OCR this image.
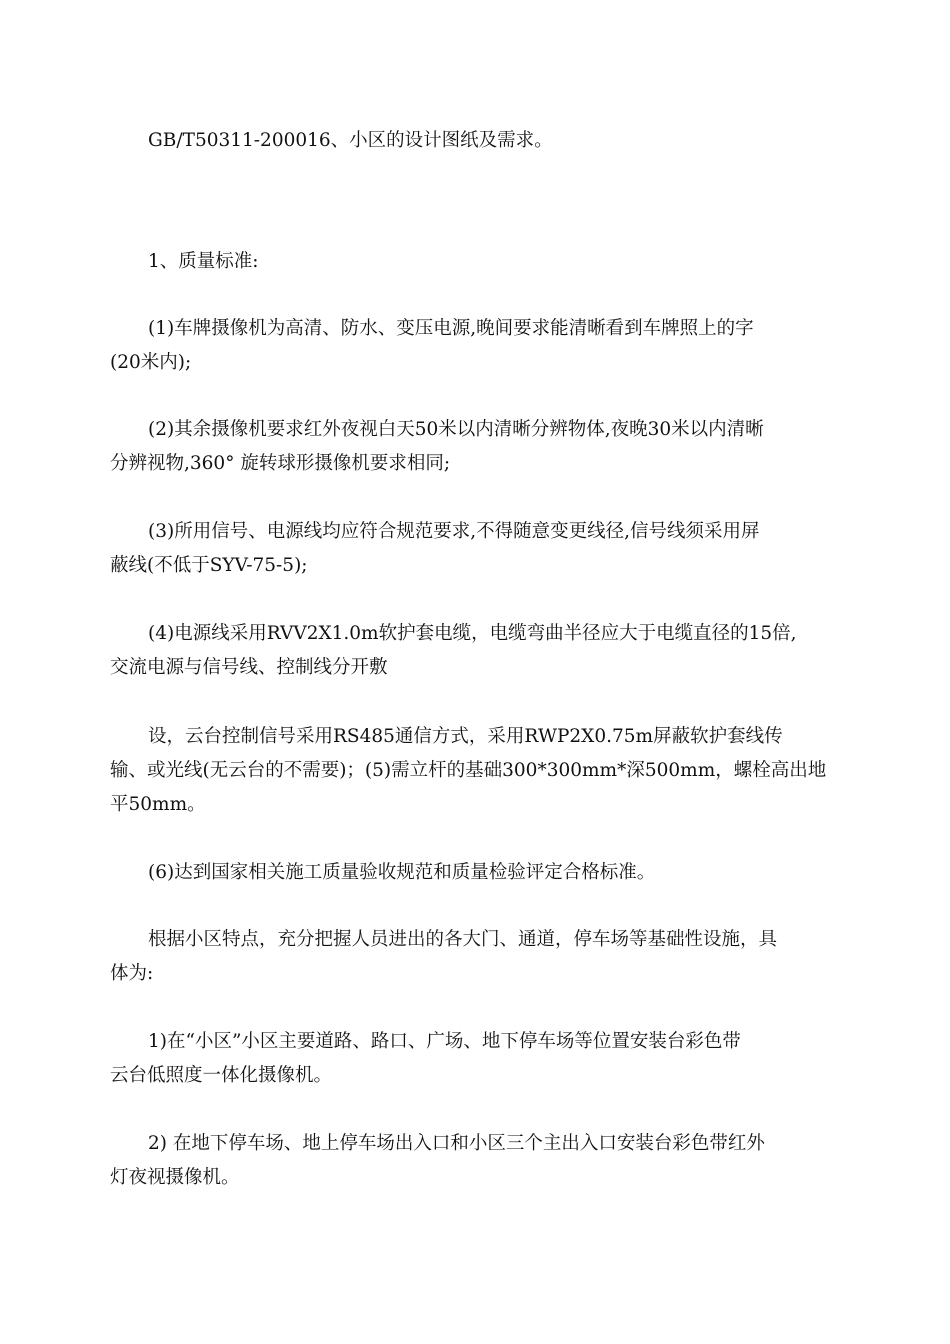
GB/T50311-200016、小区的设计图纸及需求。

1、质量标准:

(1)车牌摄像机为高清、防水、变压电源,晚间要求能清晰看到车牌照上的字
(20米内);

(2)其余摄像机要求红外夜视白天50米以内清晰分辨物体,夜晚30米以内清晰
分辨视物,360° 旋转球形摄像机要求相同;

(3)所用信号、电源线均应符合规范要求,不得随意变更线径,信号线须采用屏
蔽线(不低于SYV-75-5);

(4)电源线采用RVV2X1.0m软护套电缆，电缆弯曲半径应大于电缆直径的15倍,
交流电源与信号线、控制线分开敷

设，云台控制信号采用RS485通信方式，采用RWP2X0.75m屏蔽软护套线传
输、或光线(无云台的不需要)；(5)需立杆的基础300*300mm*深500mm，螺栓高出地
平50mm。

(6)达到国家相关施工质量验收规范和质量检验评定合格标准。

根据小区特点，充分把握人员进出的各大门、通道，停车场等基础性设施，具
体为:

1)在“小区”小区主要道路、路口、广场、地下停车场等位置安装台彩色带
云台低照度一体化摄像机。

2) 在地下停车场、地上停车场出入口和小区三个主出入口安装台彩色带红外
灯夜视摄像机。
